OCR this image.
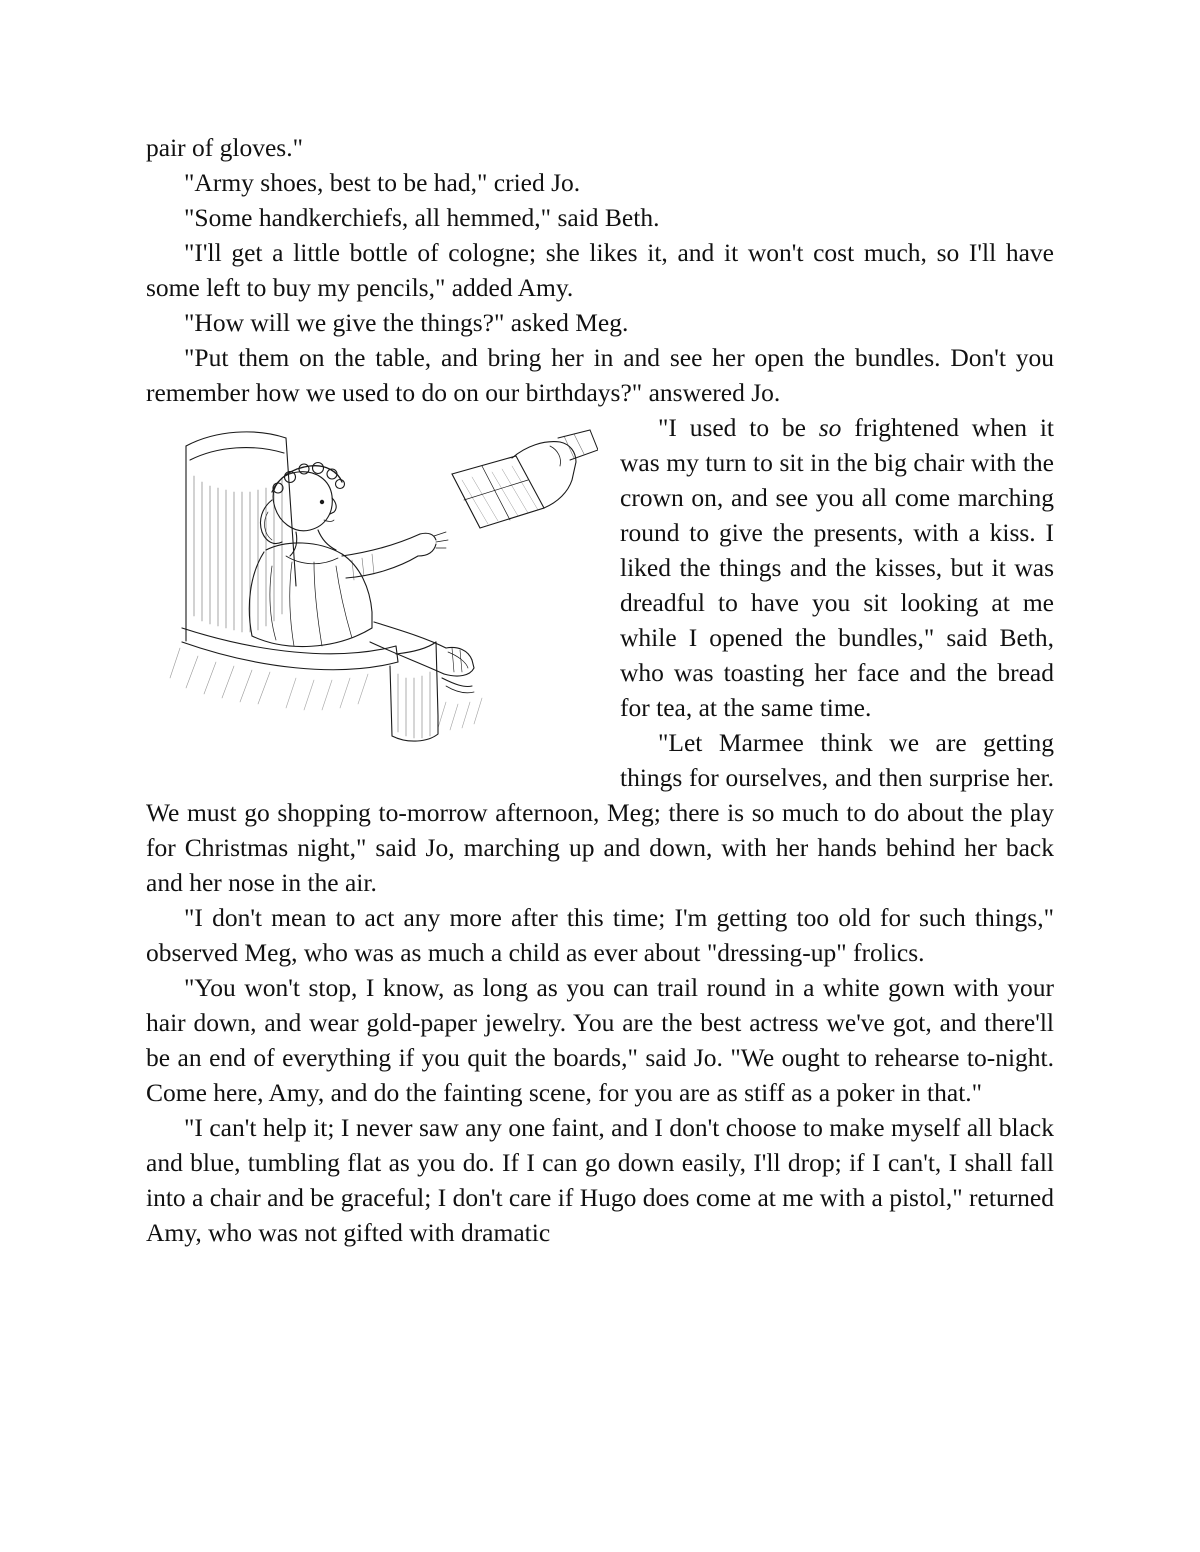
pair of gloves."

"Army shoes, best to be had," cried Jo.

"Some handkerchiefs, all hemmed," said Beth.

"I'll get a little bottle of cologne; she likes it, and it won't cost much, so I'll have some left to buy my pencils," added Amy.

"How will we give the things?" asked Meg.

"Put them on the table, and bring her in and see her open the bundles. Don't you remember how we used to do on our birthdays?" answered Jo.

"I used to be so frightened when it was my turn to sit in the big chair with the crown on, and see you all come marching round to give the presents, with a kiss. I liked the things and the kisses, but it was dreadful to have you sit looking at me while I opened the bundles," said Beth, who was toasting her face and the bread for tea, at the same time.

"Let Marmee think we are getting things for ourselves, and then surprise her. We must go shopping to-morrow afternoon, Meg; there is so much to do about the play for Christmas night," said Jo, marching up and down, with her hands behind her back and her nose in the air.

"I don't mean to act any more after this time; I'm getting too old for such things," observed Meg, who was as much a child as ever about "dressing-up" frolics.

"You won't stop, I know, as long as you can trail round in a white gown with your hair down, and wear gold-paper jewelry. You are the best actress we've got, and there'll be an end of everything if you quit the boards," said Jo. "We ought to rehearse to-night. Come here, Amy, and do the fainting scene, for you are as stiff as a poker in that."

"I can't help it; I never saw any one faint, and I don't choose to make myself all black and blue, tumbling flat as you do. If I can go down easily, I'll drop; if I can't, I shall fall into a chair and be graceful; I don't care if Hugo does come at me with a pistol," returned Amy, who was not gifted with dramatic
